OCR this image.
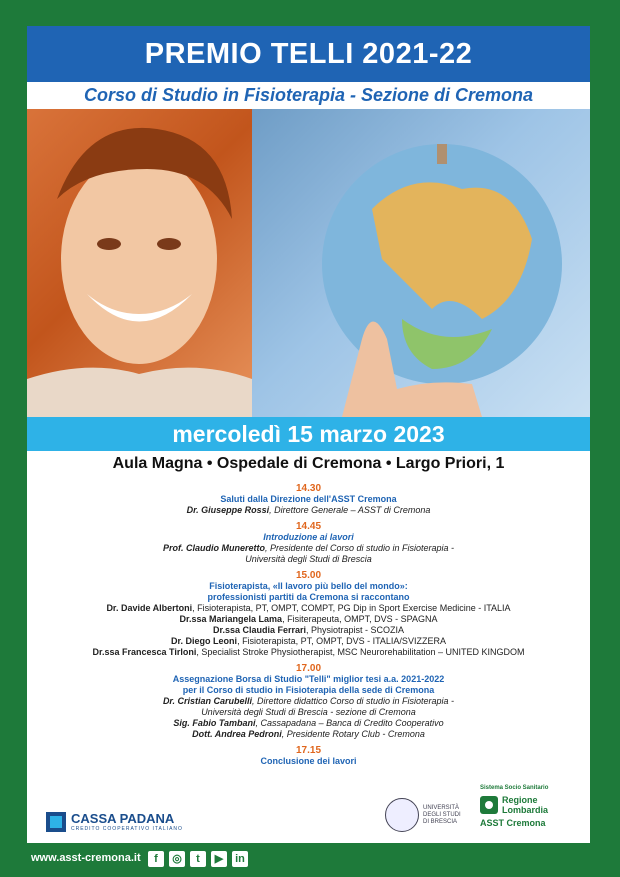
PREMIO TELLI 2021-22
Corso di Studio in Fisioterapia - Sezione di Cremona
mercoledì 15 marzo 2023
Aula Magna • Ospedale di Cremona • Largo Priori, 1
14.30
Saluti dalla Direzione dell'ASST Cremona
Dr. Giuseppe Rossi, Direttore Generale – ASST di Cremona
14.45
Introduzione ai lavori
Prof. Claudio Muneretto, Presidente del Corso di studio in Fisioterapia -
Università degli Studi di Brescia
15.00
Fisioterapista, «Il lavoro più bello del mondo»:
professionisti partiti da Cremona si raccontano
Dr. Davide Albertoni, Fisioterapista, PT, OMPT, COMPT, PG Dip in Sport Exercise Medicine - ITALIA
Dr.ssa Mariangela Lama, Fisiterapeuta, OMPT, DVS - SPAGNA
Dr.ssa Claudia Ferrari, Physiotrapist - SCOZIA
Dr. Diego Leoni, Fisioterapista, PT, OMPT, DVS - ITALIA/SVIZZERA
Dr.ssa Francesca Tirloni, Specialist Stroke Physiotherapist, MSC Neurorehabilitation – UNITED KINGDOM
17.00
Assegnazione Borsa di Studio "Telli" miglior tesi a.a. 2021-2022
per il Corso di studio in Fisioterapia della sede di Cremona
Dr. Cristian Carubelli, Direttore didattico Corso di studio in Fisioterapia -
Università degli Studi di Brescia - sezione di Cremona
Sig. Fabio Tambani, Cassapadana – Banca di Credito Cooperativo
Dott. Andrea Pedroni, Presidente Rotary Club - Cremona
17.15
Conclusione dei lavori
CASSA PADANA
CREDITO COOPERATIVO ITALIANO
UNIVERSITÀ
DEGLI STUDI
DI BRESCIA
Sistema Socio Sanitario
Regione
Lombardia
ASST Cremona
www.asst-cremona.it	f	◎	t	▶	in
